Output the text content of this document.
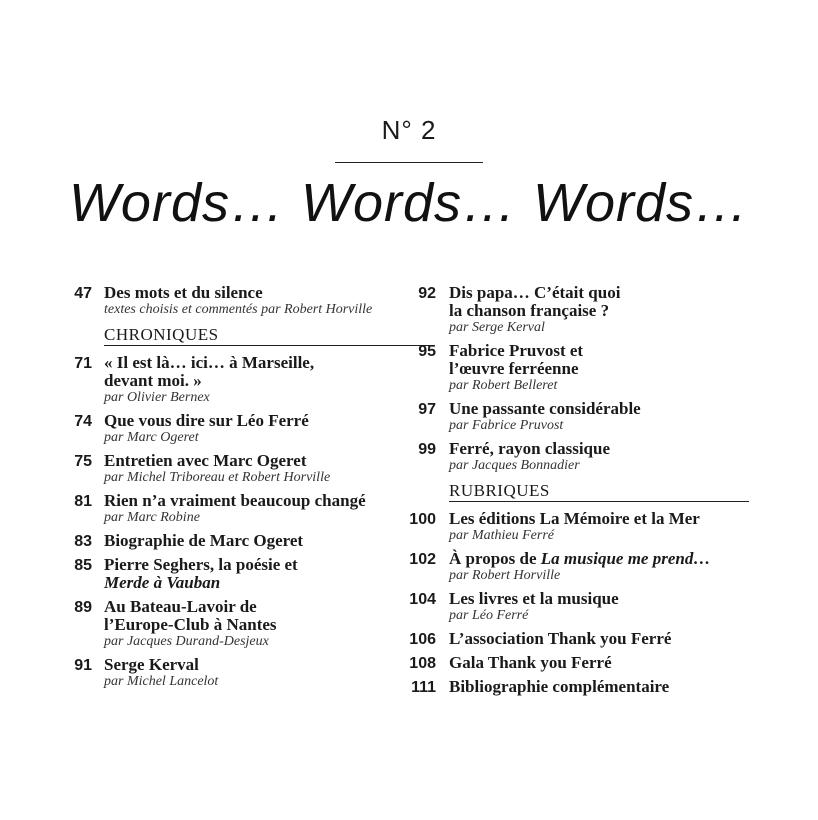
N° 2
Words… Words… Words…
47 Des mots et du silence
textes choisis et commentés par Robert Horville
CHRONIQUES
71 « Il est là… ici… à Marseille,
devant moi. »
par Olivier Bernex
74 Que vous dire sur Léo Ferré
par Marc Ogeret
75 Entretien avec Marc Ogeret
par Michel Triboreau et Robert Horville
81 Rien n’a vraiment beaucoup changé
par Marc Robine
83 Biographie de Marc Ogeret
85 Pierre Seghers, la poésie et
Merde à Vauban
89 Au Bateau-Lavoir de
l’Europe-Club à Nantes
par Jacques Durand-Desjeux
91 Serge Kerval
par Michel Lancelot
92 Dis papa… C’était quoi
la chanson française ?
par Serge Kerval
95 Fabrice Pruvost et
l’œuvre ferréenne
par Robert Belleret
97 Une passante considérable
par Fabrice Pruvost
99 Ferré, rayon classique
par Jacques Bonnadier
RUBRIQUES
100 Les éditions La Mémoire et la Mer
par Mathieu Ferré
102 À propos de La musique me prend…
par Robert Horville
104 Les livres et la musique
par Léo Ferré
106 L’association Thank you Ferré
108 Gala Thank you Ferré
111 Bibliographie complémentaire
